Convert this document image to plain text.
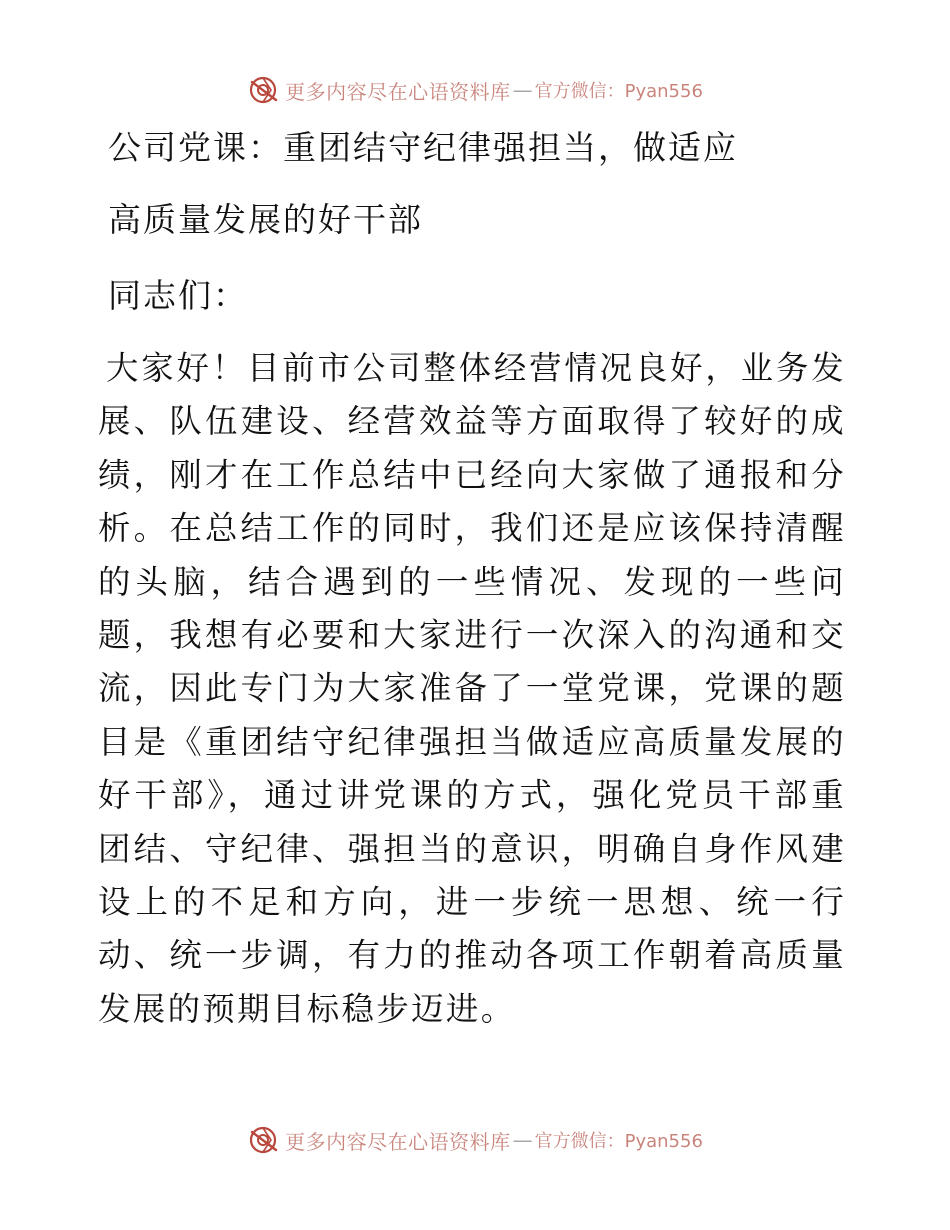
更多内容尽在心语资料库 — 官方微信：Pyan556
公司党课：重团结守纪律强担当，做适应
高质量发展的好干部
同志们：
大家好！目前市公司整体经营情况良好，业务发展、队伍建设、经营效益等方面取得了较好的成绩，刚才在工作总结中已经向大家做了通报和分析。在总结工作的同时，我们还是应该保持清醒的头脑，结合遇到的一些情况、发现的一些问题，我想有必要和大家进行一次深入的沟通和交流，因此专门为大家准备了一堂党课，党课的题目是《重团结守纪律强担当做适应高质量发展的好干部》，通过讲党课的方式，强化党员干部重团结、守纪律、强担当的意识，明确自身作风建设上的不足和方向，进一步统一思想、统一行动、统一步调，有力的推动各项工作朝着高质量发展的预期目标稳步迈进。
更多内容尽在心语资料库 — 官方微信：Pyan556
